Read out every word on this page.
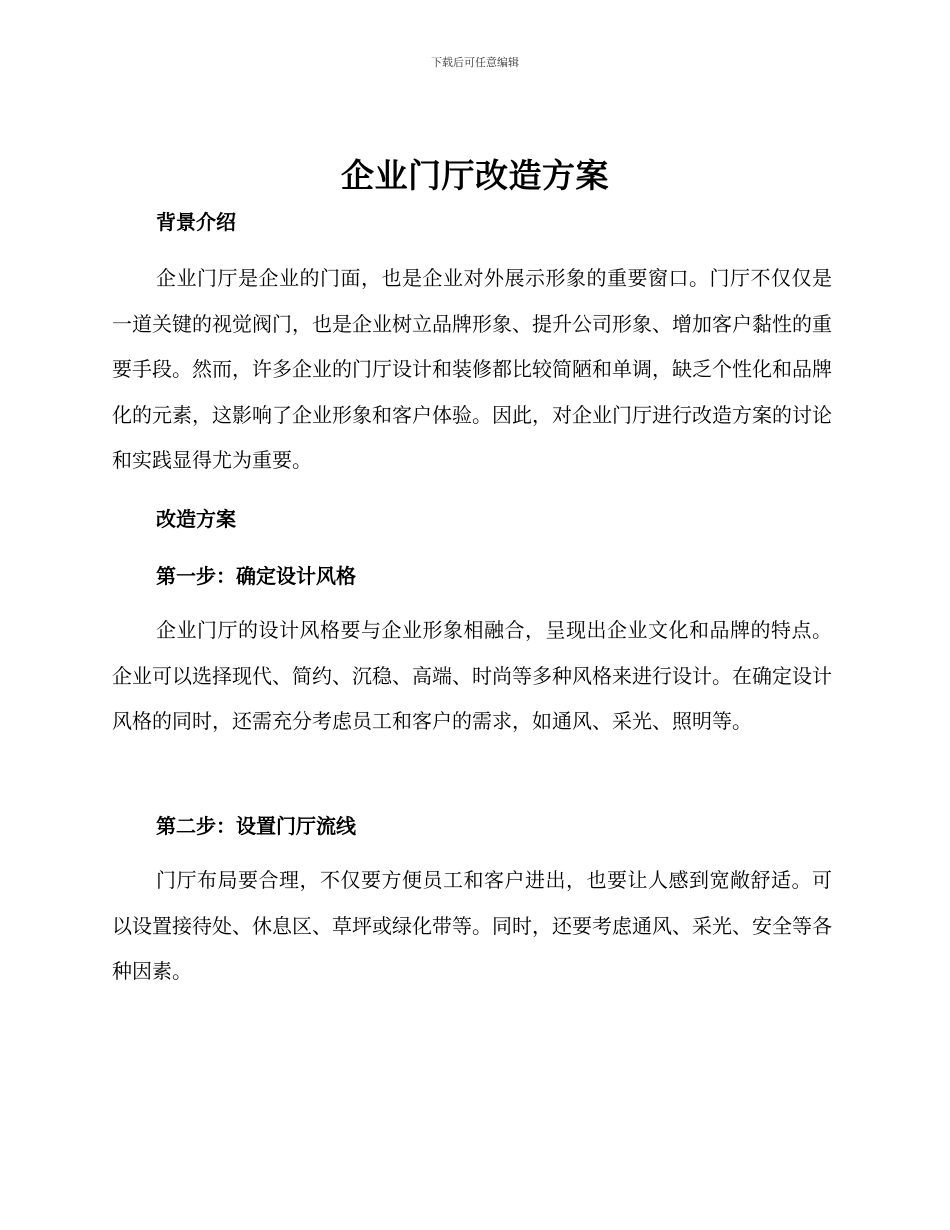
下载后可任意编辑
企业门厅改造方案
背景介绍
企业门厅是企业的门面，也是企业对外展示形象的重要窗口。门厅不仅仅是一道关键的视觉阀门，也是企业树立品牌形象、提升公司形象、增加客户黏性的重要手段。然而，许多企业的门厅设计和装修都比较简陋和单调，缺乏个性化和品牌化的元素，这影响了企业形象和客户体验。因此，对企业门厅进行改造方案的讨论和实践显得尤为重要。
改造方案
第一步：确定设计风格
企业门厅的设计风格要与企业形象相融合，呈现出企业文化和品牌的特点。企业可以选择现代、简约、沉稳、高端、时尚等多种风格来进行设计。在确定设计风格的同时，还需充分考虑员工和客户的需求，如通风、采光、照明等。
第二步：设置门厅流线
门厅布局要合理，不仅要方便员工和客户进出，也要让人感到宽敞舒适。可以设置接待处、休息区、草坪或绿化带等。同时，还要考虑通风、采光、安全等各种因素。
